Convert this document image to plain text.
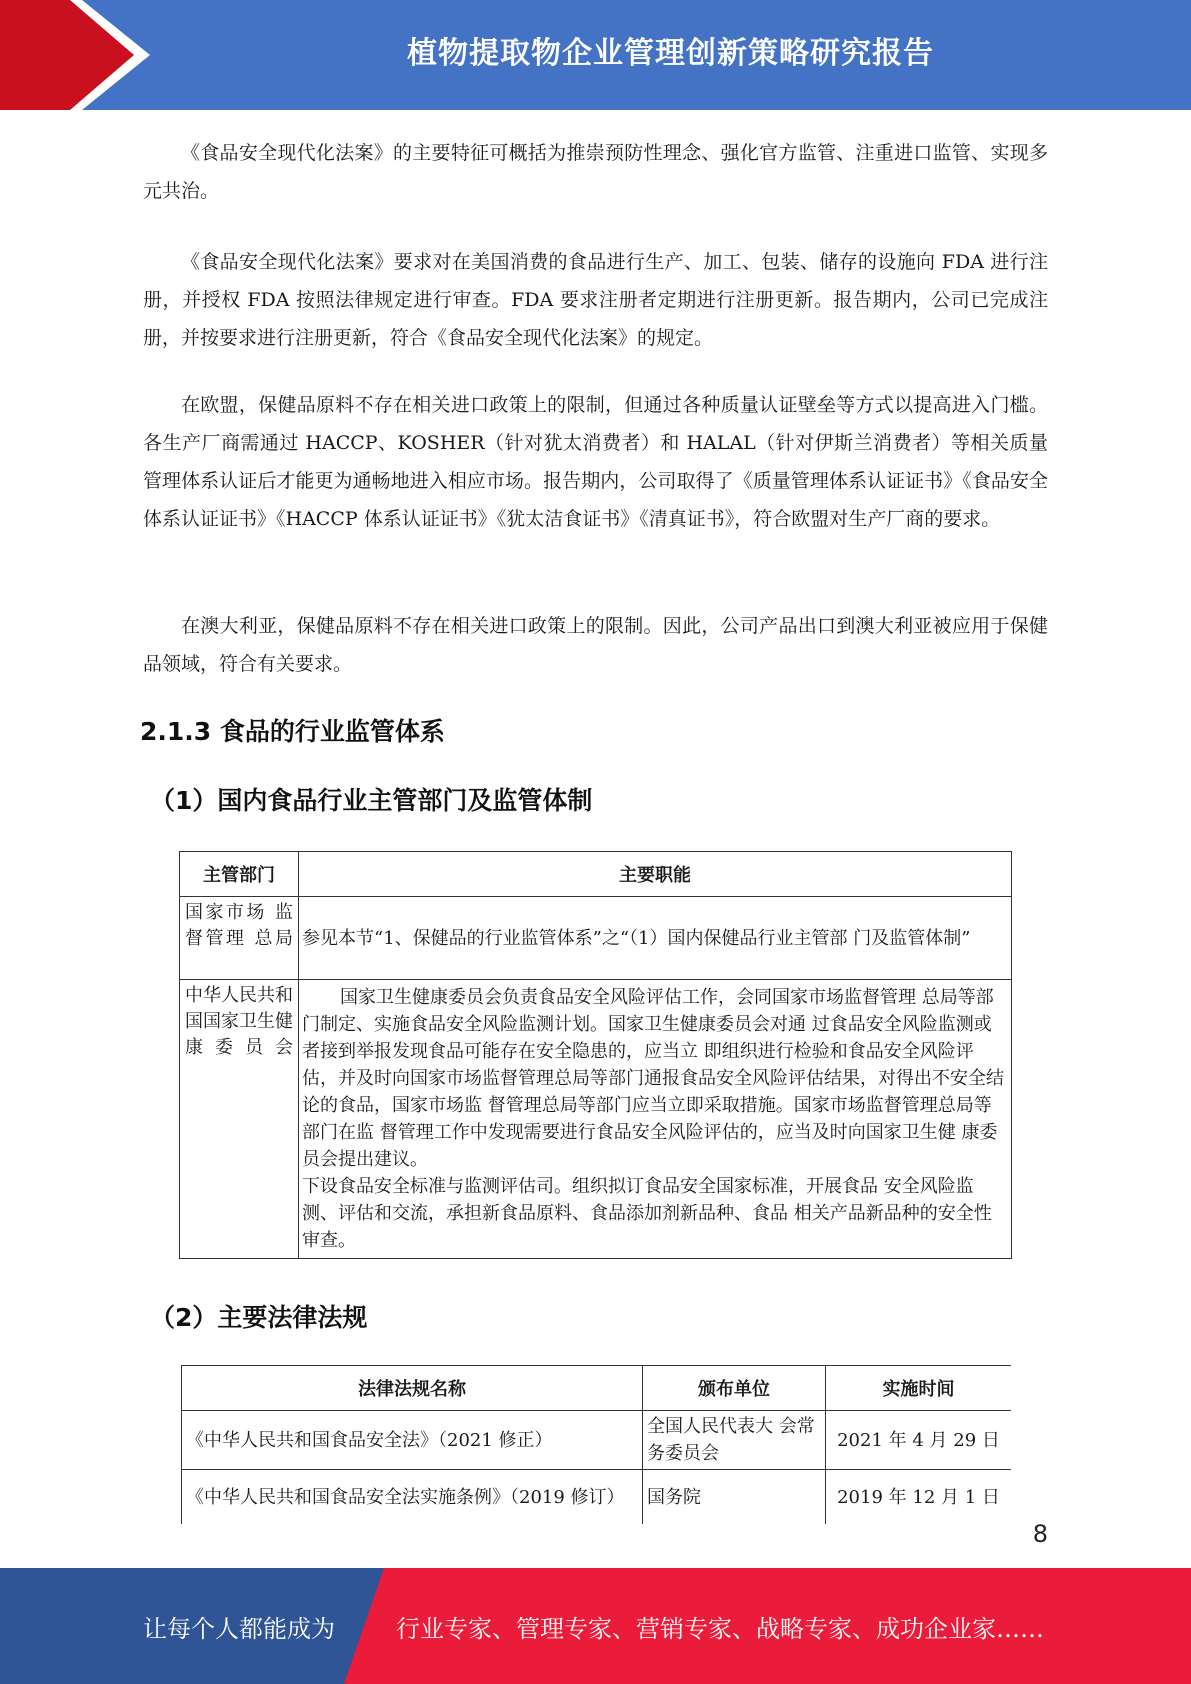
植物提取物企业管理创新策略研究报告

《食品安全现代化法案》的主要特征可概括为推崇预防性理念、强化官方监管、注重进口监管、实现多元共治。

《食品安全现代化法案》要求对在美国消费的食品进行生产、加工、包装、储存的设施向 FDA 进行注册，并授权 FDA 按照法律规定进行审查。FDA 要求注册者定期进行注册更新。报告期内，公司已完成注册，并按要求进行注册更新，符合《食品安全现代化法案》的规定。

在欧盟，保健品原料不存在相关进口政策上的限制，但通过各种质量认证壁垒等方式以提高进入门槛。各生产厂商需通过 HACCP、KOSHER（针对犹太消费者）和 HALAL（针对伊斯兰消费者）等相关质量管理体系认证后才能更为通畅地进入相应市场。报告期内，公司取得了《质量管理体系认证证书》《食品安全体系认证证书》《HACCP 体系认证证书》《犹太洁食证书》《清真证书》，符合欧盟对生产厂商的要求。

在澳大利亚，保健品原料不存在相关进口政策上的限制。因此，公司产品出口到澳大利亚被应用于保健品领域，符合有关要求。

2.1.3 食品的行业监管体系
（1）国内食品行业主管部门及监管体制
主管部门	主要职能
国家市场 监督管理 总局	参见本节“1、保健品的行业监管体系”之“（1）国内保健品行业主管部 门及监管体制”
中华人民共和国国家卫生健康委员会	国家卫生健康委员会负责食品安全风险评估工作，会同国家市场监督管理 总局等部门制定、实施食品安全风险监测计划。国家卫生健康委员会对通 过食品安全风险监测或者接到举报发现食品可能存在安全隐患的，应当立 即组织进行检验和食品安全风险评估，并及时向国家市场监督管理总局等部门通报食品安全风险评估结果，对得出不安全结论的食品，国家市场监 督管理总局等部门应当立即采取措施。国家市场监督管理总局等部门在监 督管理工作中发现需要进行食品安全风险评估的，应当及时向国家卫生健 康委员会提出建议。
下设食品安全标准与监测评估司。组织拟订食品安全国家标准，开展食品 安全风险监测、评估和交流，承担新食品原料、食品添加剂新品种、食品 相关产品新品种的安全性审查。
（2）主要法律法规
法律法规名称	颁布单位	实施时间
《中华人民共和国食品安全法》（2021 修正）	全国人民代表大 会常务委员会	2021 年 4 月 29 日
《中华人民共和国食品安全法实施条例》（2019 修订）	国务院	2019 年 12 月 1 日
8
让每个人都能成为	行业专家、管理专家、营销专家、战略专家、成功企业家……
